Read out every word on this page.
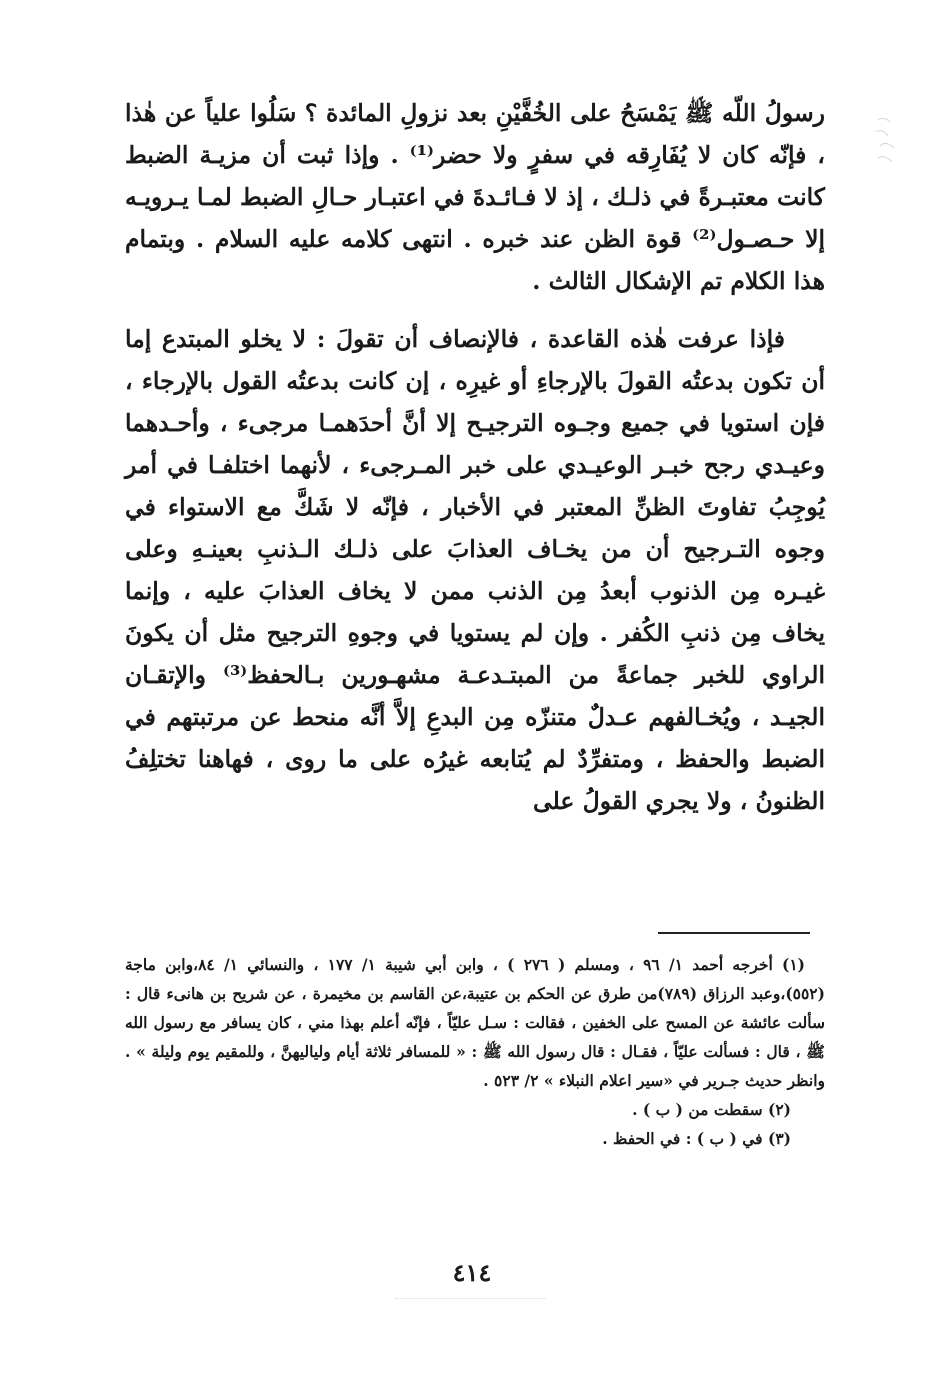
رسولُ اللّه ﷺ يَمْسَحُ على الخُفَّيْنِ بعد نزولِ المائدة ؟ سَلُوا علياً عن هٰذا ، فإنّه كان لا يُفَارِقه في سفرٍ ولا حضر⁽¹⁾ . وإذا ثبت أن مزيـة الضبط كانت معتبـرةً في ذلـك ، إذ لا فـائـدةَ في اعتبـار حـالِ الضبط لمـا يـرويـه إلا حـصـول⁽²⁾ قوة الظن عند خبره . انتهى كلامه عليه السلام . وبتمام هذا الكلام تم الإشكال الثالث .

فإذا عرفت هٰذه القاعدة ، فالإنصاف أن تقولَ : لا يخلو المبتدع إما أن تكون بدعتُه القولَ بالإرجاءِ أو غيرِه ، إن كانت بدعتُه القول بالإرجاء ، فإن استويا في جميع وجـوه الترجيـح إلا أنَّ أحدَهمـا مرجىء ، وأحـدهما وعيـدي رجح خبـر الوعيـدي على خبر المـرجىء ، لأنهما اختلفـا في أمر يُوجِبُ تفاوتَ الظنِّ المعتبر في الأخبار ، فإنّه لا شَكَّ مع الاستواء في وجوه التـرجيح أن من يخـاف العذابَ على ذلـك الـذنبِ بعينـهِ وعلى غيـره مِن الذنوب أبعدُ مِن الذنب ممن لا يخاف العذابَ عليه ، وإنما يخاف مِن ذنبِ الكُفر . وإن لم يستويا في وجوهِ الترجيح مثل أن يكونَ الراوي للخبر جماعةً من المبتـدعـة مشهـورين بـالحفظ⁽³⁾ والإتقـان الجيـد ، ويُخـالفهم عـدلٌ متنزّه مِن البدعِ إلاَّ أنَّه منحط عن مرتبتهم في الضبط والحفظ ، ومتفرِّدٌ لم يُتابعه غيرُه على ما روى ، فهاهنا تختلِفُ الظنونُ ، ولا يجري القولُ على

(١) أخرجه أحمد ١/ ٩٦ ، ومسلم ( ٢٧٦ ) ، وابن أبي شيبة ١/ ١٧٧ ، والنسائي ١/ ٨٤،وابن ماجة (٥٥٢)،وعبد الرزاق (٧٨٩)من طرق عن الحكم بن عتيبة،عن القاسم بن مخيمرة ، عن شريح بن هانىء قال : سألت عائشة عن المسح على الخفين ، فقالت : سـل عليّاً ، فإنّه أعلم بهذا مني ، كان يسافر مع رسول الله ﷺ ، قال : فسألت عليّاً ، فقـال : قال رسول الله ﷺ : « للمسافر ثلاثة أيام ولياليهنَّ ، وللمقيم يوم وليلة » . وانظر حديث جـرير في «سير اعلام النبلاء » ٢/ ٥٢٣ .

(٢) سقطت من ( ب ) .

(٣) في ( ب ) : في الحفظ .

٤١٤
